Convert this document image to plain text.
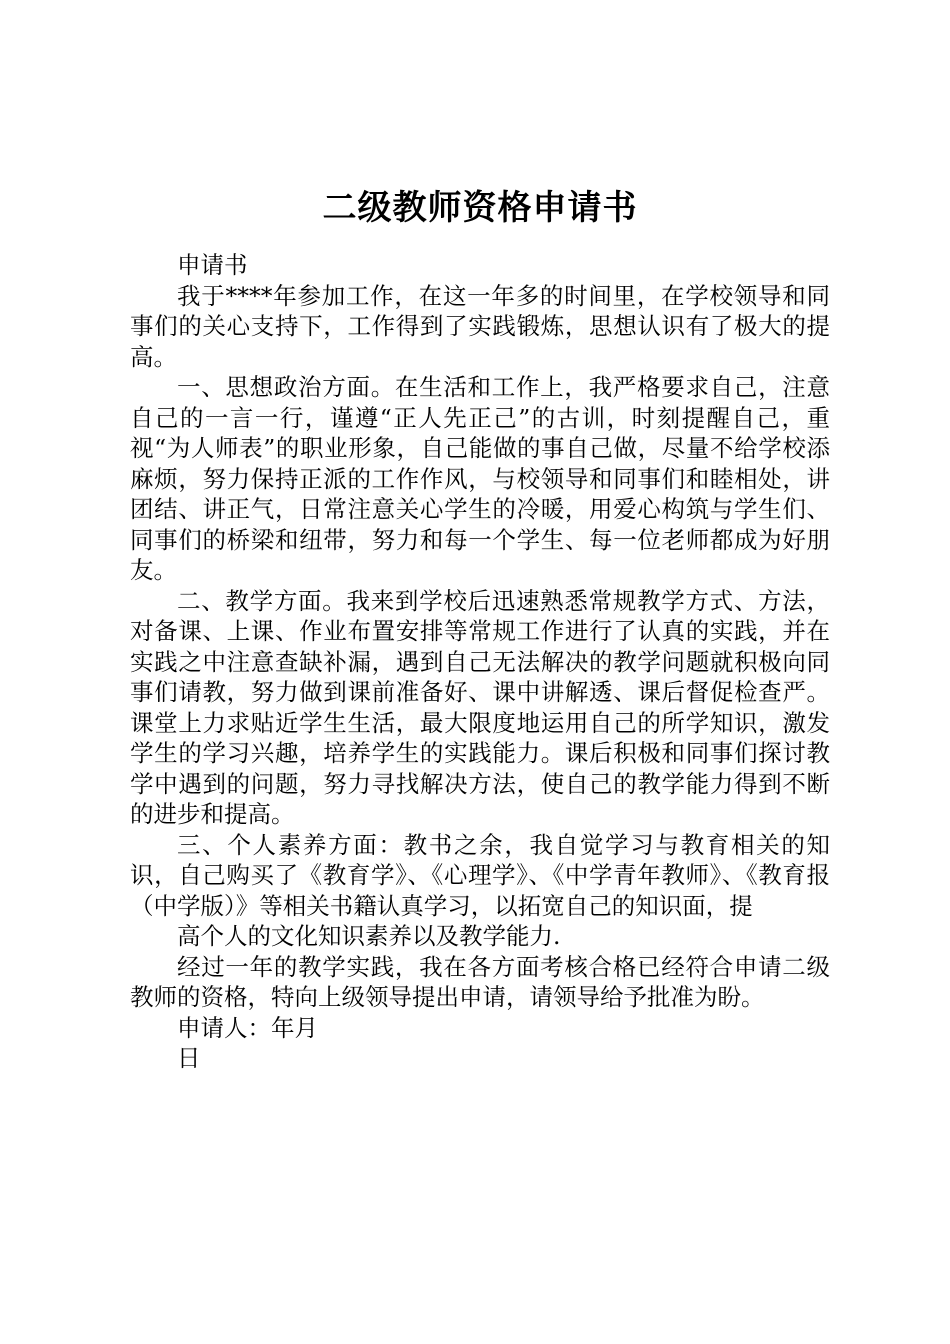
二级教师资格申请书

申请书

我于****年参加工作，在这一年多的时间里，在学校领导和同事们的关心支持下，工作得到了实践锻炼，思想认识有了极大的提高。

一、思想政治方面。在生活和工作上，我严格要求自己，注意自己的一言一行，谨遵“正人先正己”的古训，时刻提醒自己，重视“为人师表”的职业形象，自己能做的事自己做，尽量不给学校添麻烦，努力保持正派的工作作风，与校领导和同事们和睦相处，讲团结、讲正气，日常注意关心学生的冷暖，用爱心构筑与学生们、同事们的桥梁和纽带，努力和每一个学生、每一位老师都成为好朋友。

二、教学方面。我来到学校后迅速熟悉常规教学方式、方法，对备课、上课、作业布置安排等常规工作进行了认真的实践，并在实践之中注意查缺补漏，遇到自己无法解决的教学问题就积极向同事们请教，努力做到课前准备好、课中讲解透、课后督促检查严。课堂上力求贴近学生生活，最大限度地运用自己的所学知识，激发学生的学习兴趣，培养学生的实践能力。课后积极和同事们探讨教学中遇到的问题，努力寻找解决方法，使自己的教学能力得到不断的进步和提高。

三、个人素养方面：教书之余，我自觉学习与教育相关的知识，自己购买了《教育学》、《心理学》、《中学青年教师》、《教育报（中学版）》等相关书籍认真学习，以拓宽自己的知识面，提

高个人的文化知识素养以及教学能力.

经过一年的教学实践，我在各方面考核合格已经符合申请二级教师的资格，特向上级领导提出申请，请领导给予批准为盼。

申请人：年月

日
